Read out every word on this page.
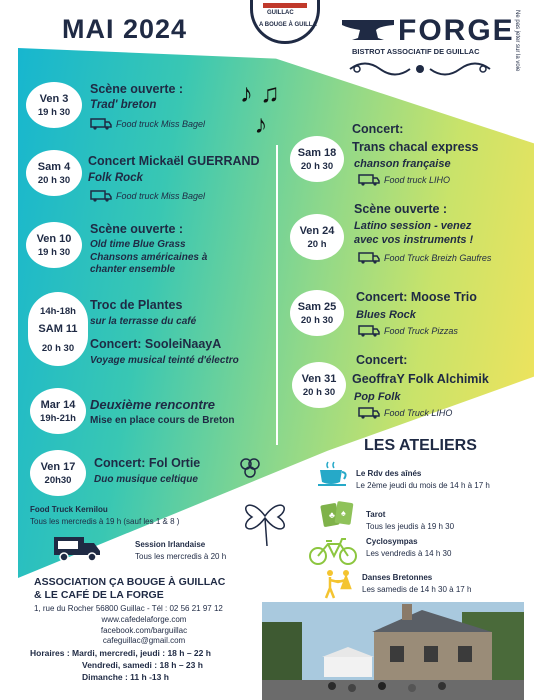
MAI 2024
GUILLAC
A BOUGE À GUILLA	FORGE
BISTROT ASSOCIATIF DE GUILLAC	Ne pas jeter sur la voie
♪ ♫
♪
Ven 3
19 h 30
Scène ouverte :
Trad' breton
Food truck Miss Bagel
Sam 4
20 h 30
Concert Mickaël GUERRAND
Folk Rock
Food truck Miss Bagel
Ven 10
19 h 30
Scène ouverte :
Old time Blue Grass
Chansons américaines à
chanter ensemble
14h-18h
SAM 11
20 h 30
Troc de Plantes
sur la terrasse du café
Concert: SooleiNaayA
Voyage musical teinté d'électro
Mar 14
19h-21h
Deuxième rencontre
Mise en place cours de Breton
Ven 17
20h30
Concert: Fol Ortie
Duo musique celtique
Sam 18
20 h 30
Concert:
Trans chacal express
chanson française
Food truck LIHO
Ven 24
20 h
Scène ouverte :
Latino session - venez
avec vos instruments !
Food Truck Breizh Gaufres
Sam 25
20 h 30
Concert: Moose Trio
Blues Rock
Food Truck Pizzas
Ven 31
20 h 30
Concert:
GeoffraY Folk Alchimik
Pop Folk
Food Truck LIHO
LES ATELIERS
Le Rdv des aînés
Le 2ème jeudi du mois de 14 h à 17 h
♣ ♠	Tarot
Tous les jeudis à 19 h 30
Cyclosympas
Les vendredis à 14 h 30
Danses Bretonnes
Les samedis de 14 h 30 à 17 h
Food Truck Kernilou
Tous les mercredis à 19 h (sauf les 1 & 8 )
Session Irlandaise
Tous les mercredis à 20 h
ASSOCIATION ÇA BOUGE À GUILLAC
& LE CAFÉ DE LA FORGE
1, rue du Rocher 56800 Guillac - Tél : 02 56 21 97 12
www.cafedelaforge.com
facebook.com/barguillac
cafeguillac@gmail.com
Horaires : Mardi, mercredi, jeudi : 18 h – 22 h
Vendredi, samedi : 18 h – 23 h
Dimanche : 11 h -13 h
